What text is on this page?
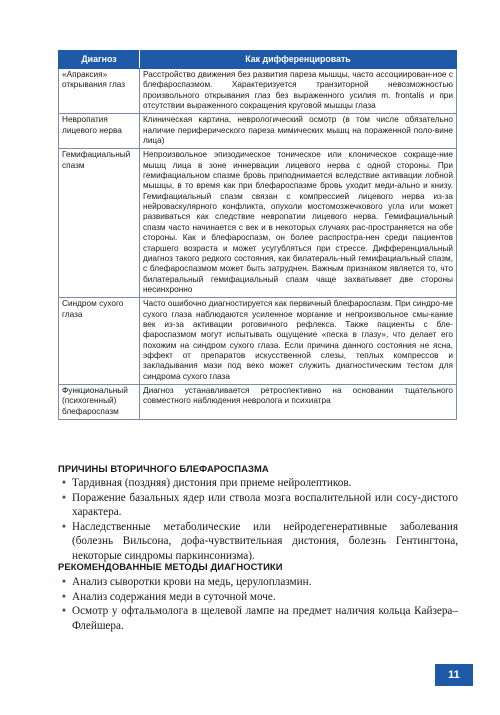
Диагноз	Как дифференцировать
«Апраксия» открывания глаз	Расстройство движения без развития пареза мышцы, часто ассоциирован-ное с блефароспазмом. Характеризуется транзиторной невозможностью произвольного открывания глаз без выраженного усилия m. frontalis и при отсутствии выраженного сокращения круговой мышцы глаза
Невропатия лицевого нерва	Клиническая картина, неврологический осмотр (в том числе обязательно наличие периферического пареза мимических мышц на пораженной поло-вине лица)
Гемифациальный спазм	Непроизвольное эпизодическое тоническое или клоническое сокраще-ние мышц лица в зоне иннервации лицевого нерва с одной стороны. При гемифациальном спазме бровь приподнимается вследствие активации лобной мышцы, в то время как при блефароспазме бровь уходит меди-ально и книзу. Гемифациальный спазм связан с компрессией лицевого нерва из-за нейроваскулярного конфликта, опухоли мостомозжечкового угла или может развиваться как следствие невропатии лицевого нерва. Гемифациальный спазм часто начинается с век и в некоторых случаях рас-пространяется на обе стороны. Как и блефароспазм, он более распростра-нен среди пациентов старшего возраста и может усугубляться при стрессе. Дифференциальный диагноз такого редкого состояния, как билатераль-ный гемифациальный спазм, с блефароспазмом может быть затруднен. Важным признаком является то, что билатеральный гемифациальный спазм чаще захватывает две стороны несинхронно
Синдром сухого глаза	Часто ошибочно диагностируется как первичный блефароспазм. При синдро-ме сухого глаза наблюдаются усиленное моргание и непроизвольное смы-кание век из-за активации роговичного рефлекса. Также пациенты с бле-фароспазмом могут испытывать ощущение «песка в глазу», что делает его похожим на синдром сухого глаза. Если причина данного состояния не ясна, эффект от препаратов искусственной слезы, теплых компрессов и закладывания мази под веко может служить диагностическим тестом для синдрома сухого глаза
Функциональный (психогенный) блефароспазм	Диагноз устанавливается ретроспективно на основании тщательного совместного наблюдения невролога и психиатра
ПРИЧИНЫ ВТОРИЧНОГО БЛЕФАРОСПАЗМА
• Тардивная (поздняя) дистония при приеме нейролептиков.
• Поражение базальных ядер или ствола мозга воспалительной или сосу-дистого характера.
• Наследственные метаболические или нейродегенеративные заболевания (болезнь Вильсона, дофа-чувствительная дистония, болезнь Гентингтона, некоторые синдромы паркинсонизма).
РЕКОМЕНДОВАННЫЕ МЕТОДЫ ДИАГНОСТИКИ
• Анализ сыворотки крови на медь, церулоплазмин.
• Анализ содержания меди в суточной моче.
• Осмотр у офтальмолога в щелевой лампе на предмет наличия кольца Кайзера–Флейшера.
11
